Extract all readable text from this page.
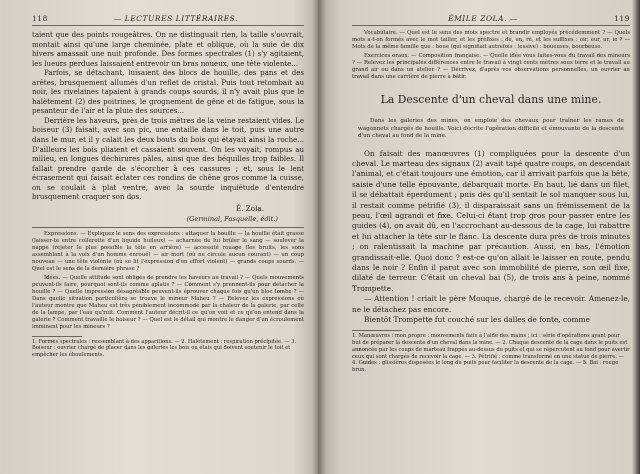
118	— LECTURES LITTÉRAIRES.

taient que des points rougeâtres. On ne distinguait rien, la taille s'ouvrait, montait ainsi qu'une large cheminée, plate et oblique, où la suie de dix hivers amassait une nuit profonde. Des formes spectrales (1) s'y agitaient, les lueurs perdues laissaient entrevoir un bras noueux, une tête violente...

Parfois, se détachant, luisaient des blocs de houille, des pans et des arêtes, brusquement allumés d'un reflet de cristal. Puis tout retombait au noir, les rivelaines tapaient à grands coups sourds, il n'y avait plus que le halètement (2) des poitrines, le grognement de gêne et de fatigue, sous la pesanteur de l'air et la pluie des sources...

Derrière les haveurs, près de trois mètres de la veine restaient vides. Le boiseur (3) faisait, avec son pic, une entaille dans le toit, puis une autre dans le mur, et il y calait les deux bouts du bois qui étayait ainsi la roche... D'ailleurs les bois pliaient et cassaient souvent. On les voyait, rompus au milieu, en longues déchirures pâles, ainsi que des béquilles trop faibles. Il fallait prendre garde de s'écorcher à ces cassures ; et, sous le lent écrasement qui faisait éclater ces rondins de chêne gros comme la cuisse, on se coulait à plat ventre, avec la sourde inquiétude d'entendre brusquement craquer son dos.

É. Zola.
(Germinal, Fasquelle, édit.)

Expressions. — Expliquez le sens des expressions : attaquer la houille — la houille était grasse (laisser-te entre collerette d'un liquide huileux) — acharnée de lui brûler le sang — soulever la nappe (rejeter le plus possible la tête en arrière) — accessité rouage (les bruits, les sons assemblant à la voix d'un homme enroué) — air mort (où ne circule aucun courant) — un coup nouveau — une tête violente (où se lit l'expression d'un effort violent) — grands coups sourds. — Quel est le sens de la dernière phrase ?

Idées. — Quelle attitude sont obligés de prendre les haveurs au travail ? — Quels mouvements peuvent-ils faire, pourquoi sont-ils comme aplatis ? — Comment s'y prennent-ils pour détacher la houille ? — Quelle impression désagréable peuvent-ils éprouver chaque fois qu'un bloc tombe ? — Dans quelle situation particulière se trouve le mineur Maheu ? — Relevez les expressions où l'auteur montre que Maheu est très péniblement incommodé par la chaleur de la galerie, par celle de la lampe, par l'eau qu'ruit. Comment l'auteur décrit-il ce qu'on voit et ce qu'on entend dans la galerie ? Comment travaille le boiseur ? — Quel est le détail qui montre le danger d'un écroulement imminent pour les mineurs ?

1. Formes spectrales : ressemblant à des apparitions. — 2. Halètement : respiration précipitée. — 3. Boiseur : ouvrier chargé de placer dans les galeries les bois ou étais qui doivent soutenir le toit et empêcher les éboulements.

ÉMILE ZOLA. —	119

Vocabulaire. — Quel est le sens des mots spectre et brandir employés précédemment ? — Quels mots a-t-on formés avec le mot tailler, et les préfixes : dé, en, re, et les suffixes : oir, eur, ur, ie ? — Mots de la même famille que : boue (qui signifiait autrefois : lessive) : boueuses, bourbeuse.

Exercices oraux. — Composition française. — Quelle idée vous faites-vous du travail des mineurs ? — Relevez les principales différences entre le travail à vingt cents mètres sous terre et le travail au grand air ou dans un atelier ? — Décrivez, d'après vos observations personnelles, un ouvrier au travail dans une carrière de pierre à bâtir.

La Descente d'un cheval dans une mine.

Dans les galeries des mines, on emploie des chevaux pour traîner les rames de wagonnets chargés de houille. Voici décrite l'opération difficile et émouvante de la descente d'un cheval au fond de la mine.

On faisait des manœuvres (1) compliquées pour la descente d'un cheval. Le marteau des signaux (2) avait tapé quatre coups, on descendait l'animal, et c'était toujours une émotion, car il arrivait parfois que la bête, saisie d'une telle épouvante, débarquait morte. En haut, lié dans un filet, il se débattait éperdument ; puis dès qu'il sentait le sol manquer sous lui, il restait comme pétrifié (3), il disparaissait sans un frémissement de la peau, l'œil agrandi et fixe. Celui-ci étant trop gros pour passer entre les guides (4), on avait dû, en l'accrochant au-dessous de la cage, lui rabattre et lui attacher la tête sur le flanc. La descente dura près de trois minutes ; on ralentissait la machine par précaution. Aussi, en bas, l'émotion grandissait-elle. Quoi donc ? est-ce qu'on allait le laisser en route, pendu dans le noir ? Enfin il parut avec son immobilité de pierre, son œil fixe, dilaté de terreur. C'était un cheval bai (5), de trois ans à peine, nommé Trompette.

— Attention ! criait le père Mouque, chargé de le recevoir. Amenez-le, ne le détachez pas encore.

Bientôt Trompette fut couché sur les dalles de fonte, comme

1. Manœuvres : mon propre : mouvements faits à l'aide des mains ; ici : série d'opérations ayant pour but de préparer la descente d'un cheval dans la mine. — 2. Chaque descente de la cage dans le puits est annoncée par les coups de marteau frappés au-dessus du puits et qui se répercutent au fond pour avertir ceux qui sont chargés de recevoir la cage. — 3. Pétrifié : comme transformé en une statue de pierre. — 4. Guides : glissières disposées le long du puits pour faciliter la descente de la cage. — 5. Bai : rouge brun.
